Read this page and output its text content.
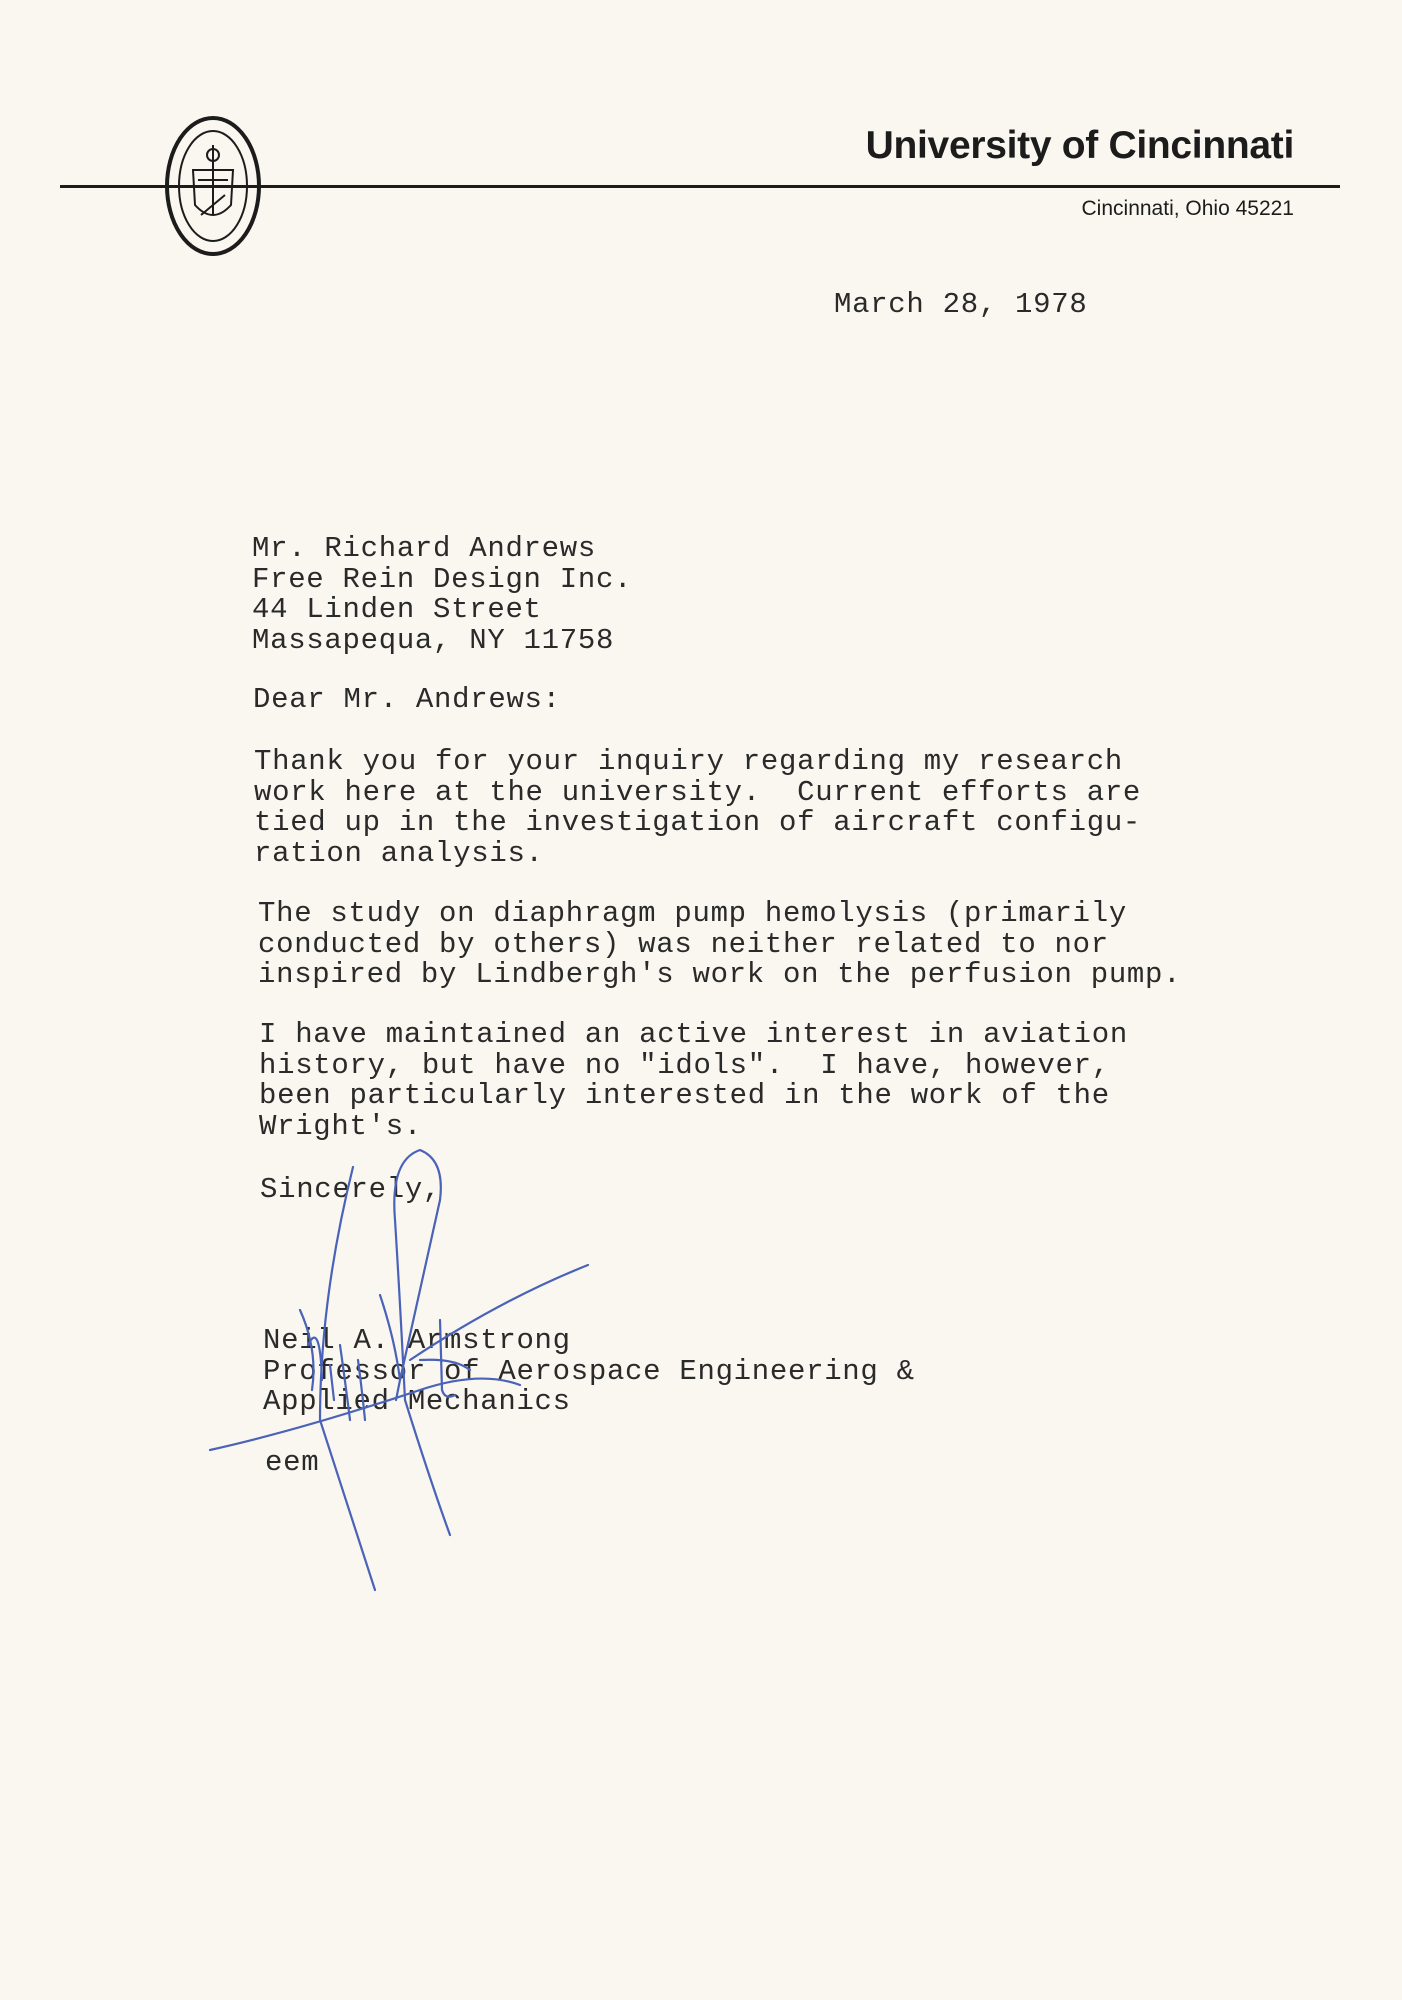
University of Cincinnati
Cincinnati, Ohio 45221
March 28, 1978
Mr. Richard Andrews
Free Rein Design Inc.
44 Linden Street
Massapequa, NY 11758
Dear Mr. Andrews:
Thank you for your inquiry regarding my research
work here at the university.  Current efforts are
tied up in the investigation of aircraft configu-
ration analysis.
The study on diaphragm pump hemolysis (primarily
conducted by others) was neither related to nor
inspired by Lindbergh's work on the perfusion pump.
I have maintained an active interest in aviation
history, but have no "idols".  I have, however,
been particularly interested in the work of the
Wright's.
Sincerely,
Neil A. Armstrong
Professor of Aerospace Engineering &
Applied Mechanics
eem
